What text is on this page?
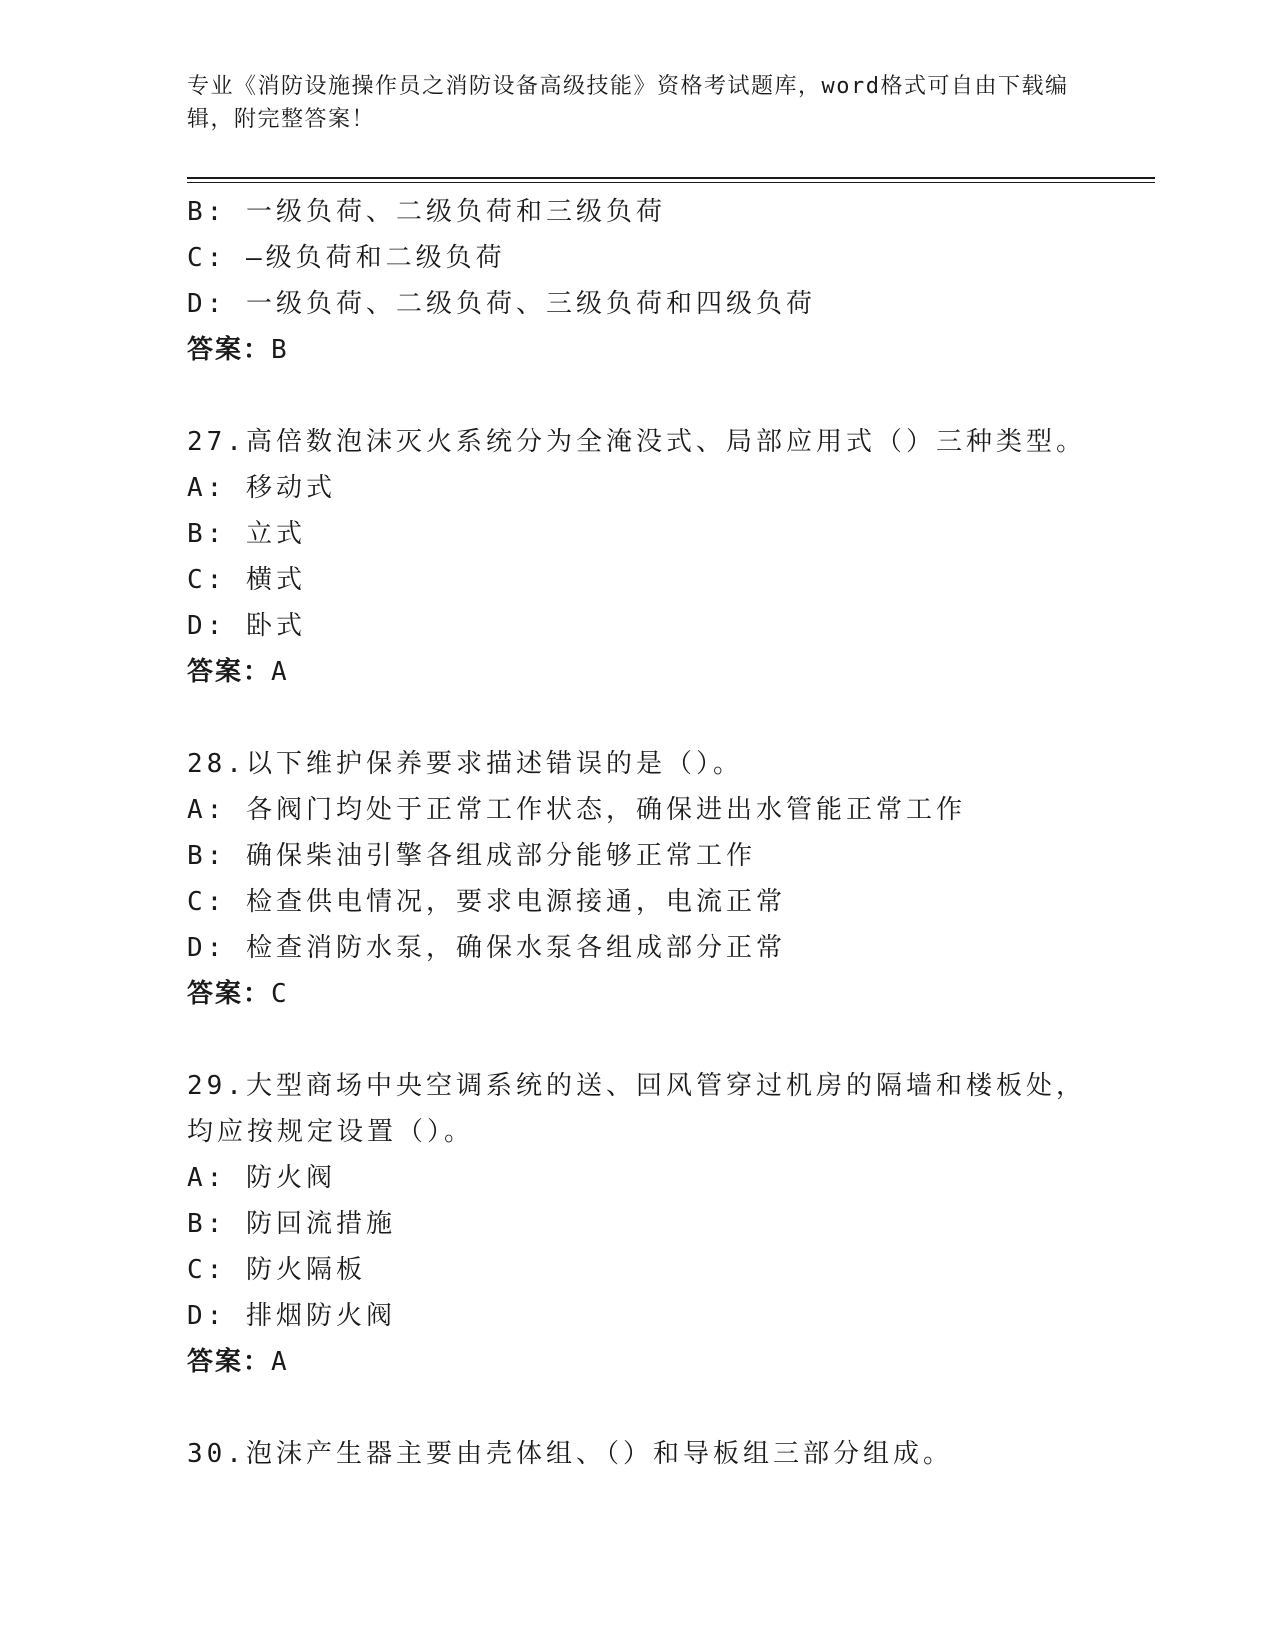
专业《消防设施操作员之消防设备高级技能》资格考试题库，word格式可自由下载编辑，附完整答案！
B: 一级负荷、二级负荷和三级负荷
C: —级负荷和二级负荷
D: 一级负荷、二级负荷、三级负荷和四级负荷
答案：B
27.高倍数泡沫灭火系统分为全淹没式、局部应用式（）三种类型。
A: 移动式
B: 立式
C: 横式
D: 卧式
答案：A
28.以下维护保养要求描述错误的是（）。
A: 各阀门均处于正常工作状态，确保进出水管能正常工作
B: 确保柴油引擎各组成部分能够正常工作
C: 检查供电情况，要求电源接通，电流正常
D: 检查消防水泵，确保水泵各组成部分正常
答案：C
29.大型商场中央空调系统的送、回风管穿过机房的隔墙和楼板处，均应按规定设置（）。
A: 防火阀
B: 防回流措施
C: 防火隔板
D: 排烟防火阀
答案：A
30.泡沫产生器主要由壳体组、（）和导板组三部分组成。
